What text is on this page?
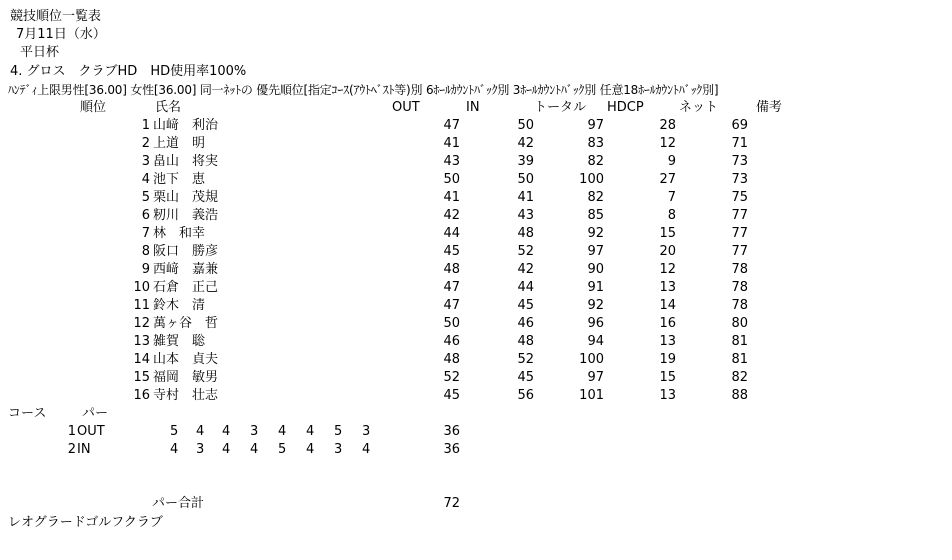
競技順位一覧表
7月11日（水）
平日杯
4. グロス　クラブHD　HD使用率100%
ﾊﾝﾃﾞｨ上限男性[36.00] 女性[36.00] 同一ﾈｯﾄの 優先順位[指定ｺｰｽ(ｱｳﾄﾍﾞｽﾄ等)別 6ﾎｰﾙｶｳﾝﾄﾊﾞｯｸ別 3ﾎｰﾙｶｳﾝﾄﾊﾞｯｸ別 任意18ﾎｰﾙｶｳﾝﾄﾊﾞｯｸ別]
順位	氏名	OUT	IN	トータル HDCP	ネット	備考
1 山﨑　利治	47	50	97	28	69
2 上道　明	41	42	83	12	71
3 畠山　将実	43	39	82	9	73
4 池下　恵	50	50	100	27	73
5 栗山　茂規	41	41	82	7	75
6 籾川　義浩	42	43	85	8	77
7 林　和幸	44	48	92	15	77
8 阪口　勝彦	45	52	97	20	77
9 西﨑　嘉兼	48	42	90	12	78
10 石倉　正己	47	44	91	13	78
11 鈴木　清	47	45	92	14	78
12 萬ヶ谷　哲	50	46	96	16	80
13 雑賀　聡	46	48	94	13	81
14 山本　貞夫	48	52	100	19	81
15 福岡　敏男	52	45	97	15	82
16 寺村　壮志	45	56	101	13	88
コース	パー
1 OUT	5 4 4 3 4 4 5 3	36
2 IN	4 3 4 4 5 4 3 4	36
パー合計	72
レオグラードゴルフクラブ
